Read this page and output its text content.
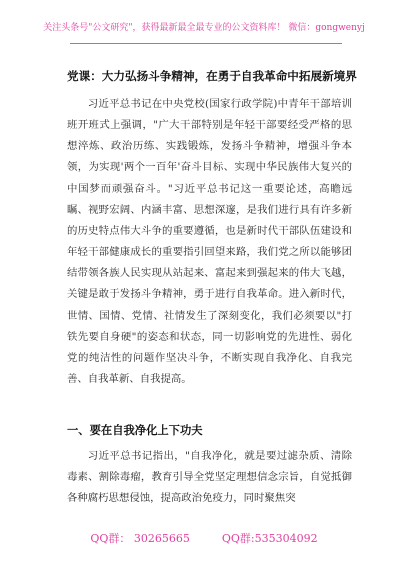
关注头条号"公文研究"，获得最新最全最专业的公文资料库！ 微信：gongwenyj
党课：大力弘扬斗争精神，在勇于自我革命中拓展新境界

习近平总书记在中央党校(国家行政学院)中青年干部培训班开班式上强调，"广大干部特别是年轻干部要经受严格的思想淬炼、政治历练、实践锻炼，发扬斗争精神，增强斗争本领，为实现'两个一百年'奋斗目标、实现中华民族伟大复兴的中国梦而顽强奋斗。"习近平总书记这一重要论述，高瞻远瞩、视野宏阔、内涵丰富、思想深邃，是我们进行具有许多新的历史特点伟大斗争的重要遵循，也是新时代干部队伍建设和年轻干部健康成长的重要指引回望来路，我们党之所以能够团结带领各族人民实现从站起来、富起来到强起来的伟大飞越，关键是敢于发扬斗争精神，勇于进行自我革命。进入新时代，世情、国情、党情、社情发生了深刻变化，我们必须要以"打铁先要自身硬"的姿态和状态，同一切影响党的先进性、弱化党的纯洁性的问题作坚决斗争，不断实现自我净化、自我完善、自我革新、自我提高。

一、要在自我净化上下功夫

习近平总书记指出，"自我净化，就是要过滤杂质、清除毒素、割除毒瘤，教育引导全党坚定理想信念宗旨，自觉抵御各种腐朽思想侵蚀，提高政治免疫力，同时聚焦突

QQ群： 30265665	QQ群:535304092
